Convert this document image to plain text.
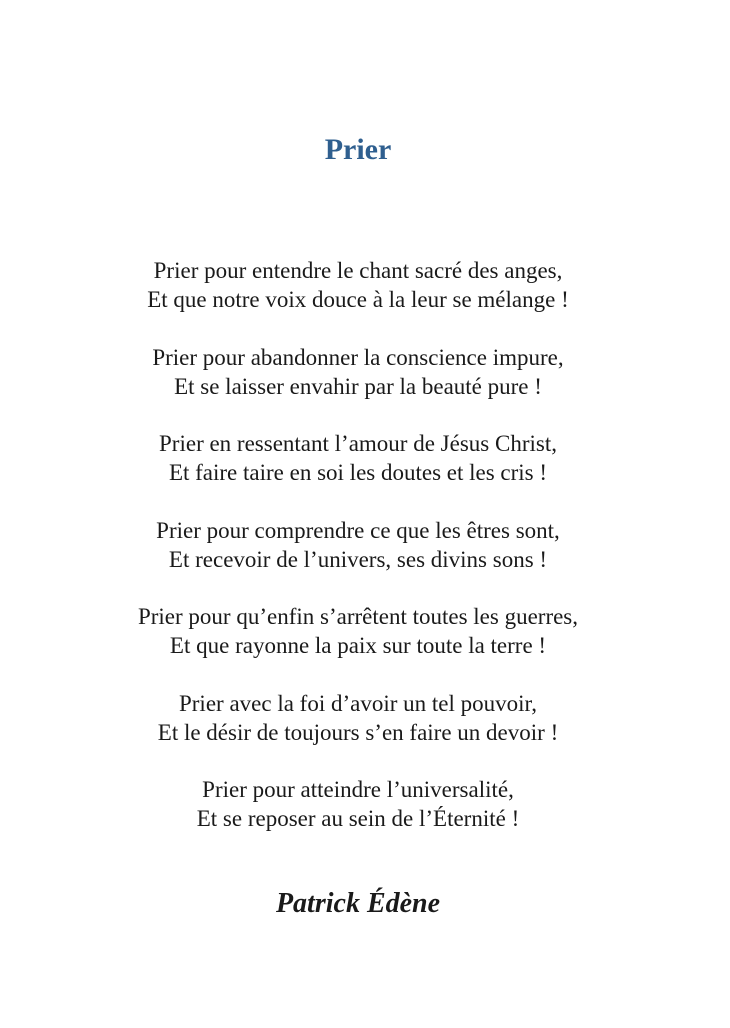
Prier

Prier pour entendre le chant sacré des anges,
Et que notre voix douce à la leur se mélange !

Prier pour abandonner la conscience impure,
Et se laisser envahir par la beauté pure !

Prier en ressentant l’amour de Jésus Christ,
Et faire taire en soi les doutes et les cris !

Prier pour comprendre ce que les êtres sont,
Et recevoir de l’univers, ses divins sons !

Prier pour qu’enfin s’arrêtent toutes les guerres,
Et que rayonne la paix sur toute la terre !

Prier avec la foi d’avoir un tel pouvoir,
Et le désir de toujours s’en faire un devoir !

Prier pour atteindre l’universalité,
Et se reposer au sein de l’Éternité !

Patrick Édène
